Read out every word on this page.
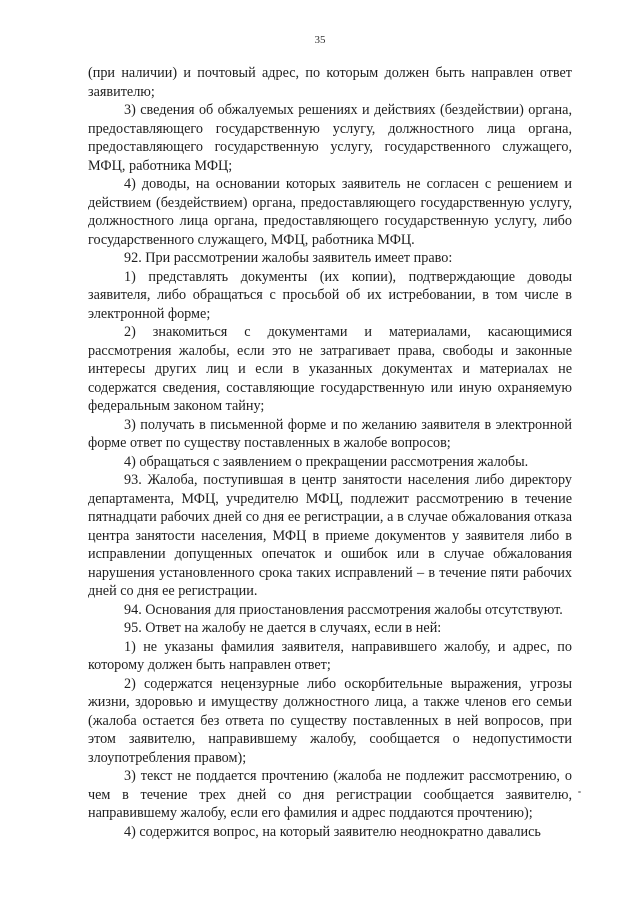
35

(при наличии) и почтовый адрес, по которым должен быть направлен ответ заявителю;

3) сведения об обжалуемых решениях и действиях (бездействии) органа, предоставляющего государственную услугу, должностного лица органа, предоставляющего государственную услугу, государственного служащего, МФЦ, работника МФЦ;

4) доводы, на основании которых заявитель не согласен с решением и действием (бездействием) органа, предоставляющего государственную услугу, должностного лица органа, предоставляющего государственную услугу, либо государственного служащего, МФЦ, работника МФЦ.

92. При рассмотрении жалобы заявитель имеет право:

1) представлять документы (их копии), подтверждающие доводы заявителя, либо обращаться с просьбой об их истребовании, в том числе в электронной форме;

2) знакомиться с документами и материалами, касающимися рассмотрения жалобы, если это не затрагивает права, свободы и законные интересы других лиц и если в указанных документах и материалах не содержатся сведения, составляющие государственную или иную охраняемую федеральным законом тайну;

3) получать в письменной форме и по желанию заявителя в электронной форме ответ по существу поставленных в жалобе вопросов;

4) обращаться с заявлением о прекращении рассмотрения жалобы.

93. Жалоба, поступившая в центр занятости населения либо директору департамента, МФЦ, учредителю МФЦ, подлежит рассмотрению в течение пятнадцати рабочих дней со дня ее регистрации, а в случае обжалования отказа центра занятости населения, МФЦ в приеме документов у заявителя либо в исправлении допущенных опечаток и ошибок или в случае обжалования нарушения установленного срока таких исправлений – в течение пяти рабочих дней со дня ее регистрации.

94. Основания для приостановления рассмотрения жалобы отсутствуют.

95. Ответ на жалобу не дается в случаях, если в ней:

1) не указаны фамилия заявителя, направившего жалобу, и адрес, по которому должен быть направлен ответ;

2) содержатся нецензурные либо оскорбительные выражения, угрозы жизни, здоровью и имуществу должностного лица, а также членов его семьи (жалоба остается без ответа по существу поставленных в ней вопросов, при этом заявителю, направившему жалобу, сообщается о недопустимости злоупотребления правом);

3) текст не поддается прочтению (жалоба не подлежит рассмотрению, о чем в течение трех дней со дня регистрации сообщается заявителю, направившему жалобу, если его фамилия и адрес поддаются прочтению);

4) содержится вопрос, на который заявителю неоднократно давались
